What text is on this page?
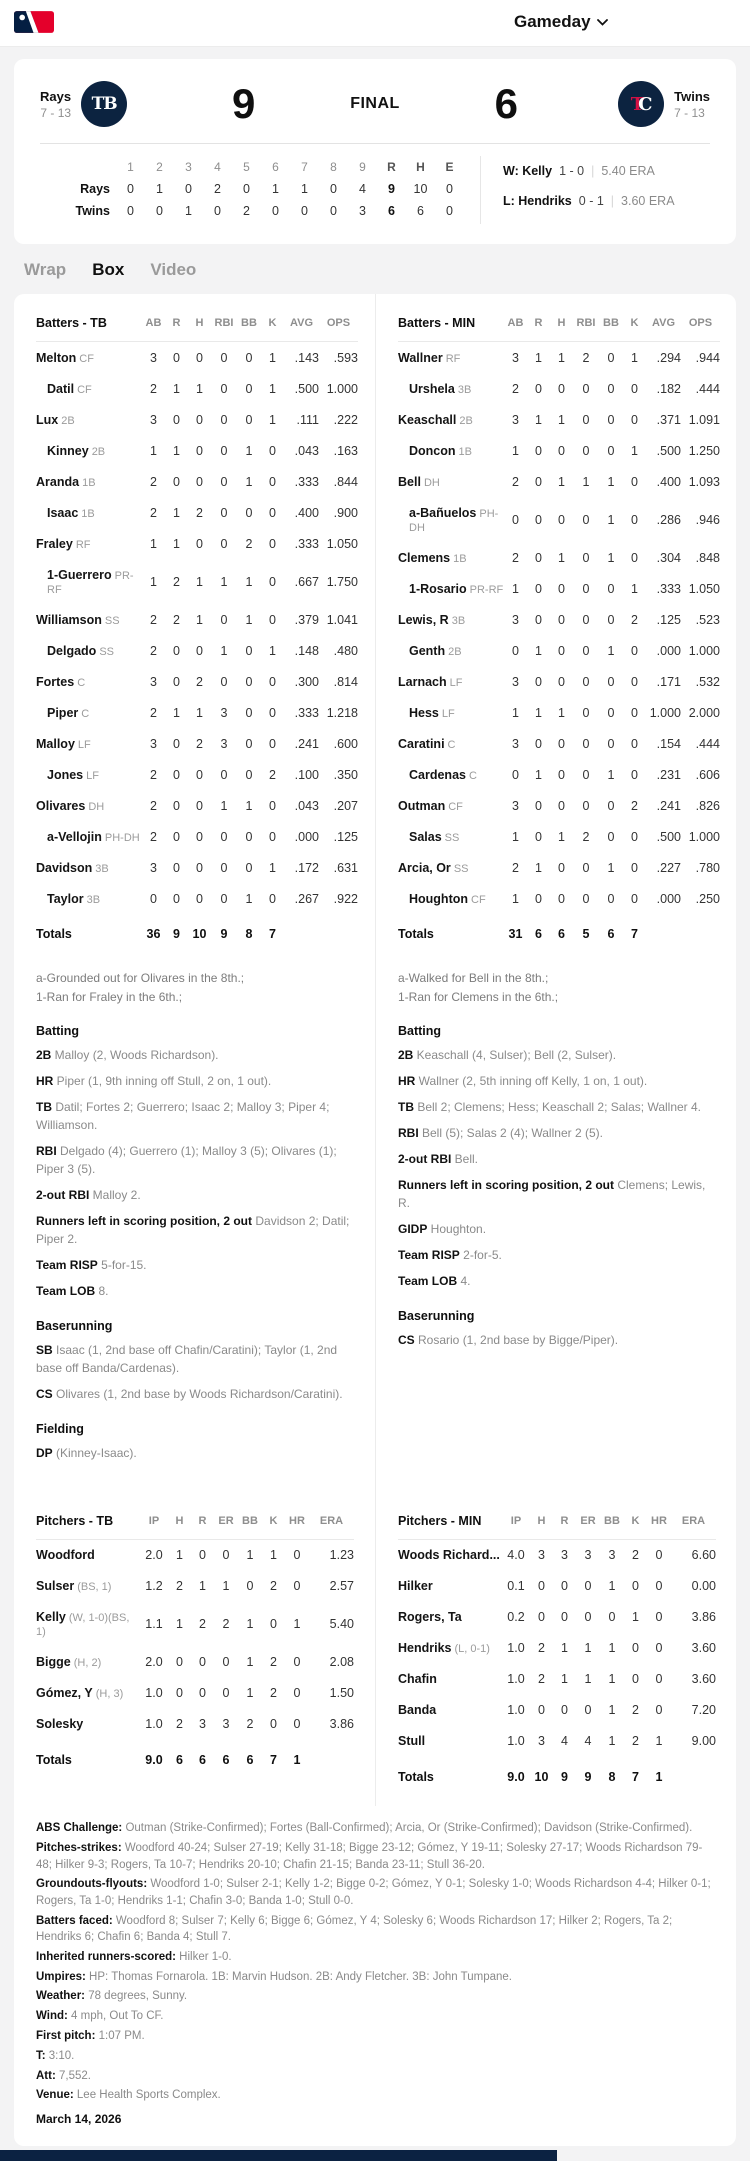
Gameday
Rays
7 - 13 TB	9	FINAL 6	Twins
7 - 13
TC
1	2	3	4	5	6	7	8	9	R	H	E
Rays	0	1	0	2	0	1	1	0	4	9	10	0
Twins	0	0	1	0	2	0	0	0	3	6	6	0
W: Kelly 1 - 0 | 5.40 ERA
L: Hendriks 0 - 1 | 3.60 ERA
Wrap Box Video
Batters - TB	AB	R	H	RBI	BB	K	AVG	OPS
Melton CF	3	0	0	0	0	1	.143	.593
Datil CF	2	1	1	0	0	1	.500	1.000
Lux 2B	3	0	0	0	0	1	.111	.222
Kinney 2B	1	1	0	0	1	0	.043	.163
Aranda 1B	2	0	0	0	1	0	.333	.844
Isaac 1B	2	1	2	0	0	0	.400	.900
Fraley RF	1	1	0	0	2	0	.333	1.050
1-Guerrero PR-RF	1	2	1	1	1	0	.667	1.750
Williamson SS	2	2	1	0	1	0	.379	1.041
Delgado SS	2	0	0	1	0	1	.148	.480
Fortes C	3	0	2	0	0	0	.300	.814
Piper C	2	1	1	3	0	0	.333	1.218
Malloy LF	3	0	2	3	0	0	.241	.600
Jones LF	2	0	0	0	0	2	.100	.350
Olivares DH	2	0	0	1	1	0	.043	.207
a-Vellojin PH-DH	2	0	0	0	0	0	.000	.125
Davidson 3B	3	0	0	0	0	1	.172	.631
Taylor 3B	0	0	0	0	1	0	.267	.922
Totals	36	9	10	9	8	7		

a-Grounded out for Olivares in the 8th.;

1-Ran for Fraley in the 6th.;

Batting

2B Malloy (2, Woods Richardson).

HR Piper (1, 9th inning off Stull, 2 on, 1 out).

TB Datil; Fortes 2; Guerrero; Isaac 2; Malloy 3; Piper 4; Williamson.

RBI Delgado (4); Guerrero (1); Malloy 3 (5); Olivares (1); Piper 3 (5).

2-out RBI Malloy 2.

Runners left in scoring position, 2 out Davidson 2; Datil; Piper 2.

Team RISP 5-for-15.

Team LOB 8.

Baserunning

SB Isaac (1, 2nd base off Chafin/Caratini); Taylor (1, 2nd base off Banda/Cardenas).

CS Olivares (1, 2nd base by Woods Richardson/Caratini).

Fielding

DP (Kinney-Isaac).

Batters - MIN	AB	R	H	RBI	BB	K	AVG	OPS
Wallner RF	3	1	1	2	0	1	.294	.944
Urshela 3B	2	0	0	0	0	0	.182	.444
Keaschall 2B	3	1	1	0	0	0	.371	1.091
Doncon 1B	1	0	0	0	0	1	.500	1.250
Bell DH	2	0	1	1	1	0	.400	1.093
a-Bañuelos PH-DH	0	0	0	0	1	0	.286	.946
Clemens 1B	2	0	1	0	1	0	.304	.848
1-Rosario PR-RF	1	0	0	0	0	1	.333	1.050
Lewis, R 3B	3	0	0	0	0	2	.125	.523
Genth 2B	0	1	0	0	1	0	.000	1.000
Larnach LF	3	0	0	0	0	0	.171	.532
Hess LF	1	1	1	0	0	0	1.000	2.000
Caratini C	3	0	0	0	0	0	.154	.444
Cardenas C	0	1	0	0	1	0	.231	.606
Outman CF	3	0	0	0	0	2	.241	.826
Salas SS	1	0	1	2	0	0	.500	1.000
Arcia, Or SS	2	1	0	0	1	0	.227	.780
Houghton CF	1	0	0	0	0	0	.000	.250
Totals	31	6	6	5	6	7		

a-Walked for Bell in the 8th.;

1-Ran for Clemens in the 6th.;

Batting

2B Keaschall (4, Sulser); Bell (2, Sulser).

HR Wallner (2, 5th inning off Kelly, 1 on, 1 out).

TB Bell 2; Clemens; Hess; Keaschall 2; Salas; Wallner 4.

RBI Bell (5); Salas 2 (4); Wallner 2 (5).

2-out RBI Bell.

Runners left in scoring position, 2 out Clemens; Lewis, R.

GIDP Houghton.

Team RISP 2-for-5.

Team LOB 4.

Baserunning

CS Rosario (1, 2nd base by Bigge/Piper).

Pitchers - TB	IP	H	R	ER	BB	K	HR	ERA
Woodford	2.0	1	0	0	1	1	0	1.23
Sulser (BS, 1)	1.2	2	1	1	0	2	0	2.57
Kelly (W, 1-0)(BS, 1)	1.1	1	2	2	1	0	1	5.40
Bigge (H, 2)	2.0	0	0	0	1	2	0	2.08
Gómez, Y (H, 3)	1.0	0	0	0	1	2	0	1.50
Solesky	1.0	2	3	3	2	0	0	3.86
Totals	9.0	6	6	6	6	7	1	
Pitchers - MIN	IP	H	R	ER	BB	K	HR	ERA
Woods Richard...	4.0	3	3	3	3	2	0	6.60
Hilker	0.1	0	0	0	1	0	0	0.00
Rogers, Ta	0.2	0	0	0	0	1	0	3.86
Hendriks (L, 0-1)	1.0	2	1	1	1	0	0	3.60
Chafin	1.0	2	1	1	1	0	0	3.60
Banda	1.0	0	0	0	1	2	0	7.20
Stull	1.0	3	4	4	1	2	1	9.00
Totals	9.0	10	9	9	8	7	1	

ABS Challenge: Outman (Strike-Confirmed); Fortes (Ball-Confirmed); Arcia, Or (Strike-Confirmed); Davidson (Strike-Confirmed).

Pitches-strikes: Woodford 40-24; Sulser 27-19; Kelly 31-18; Bigge 23-12; Gómez, Y 19-11; Solesky 27-17; Woods Richardson 79-48; Hilker 9-3; Rogers, Ta 10-7; Hendriks 20-10; Chafin 21-15; Banda 23-11; Stull 36-20.

Groundouts-flyouts: Woodford 1-0; Sulser 2-1; Kelly 1-2; Bigge 0-2; Gómez, Y 0-1; Solesky 1-0; Woods Richardson 4-4; Hilker 0-1; Rogers, Ta 1-0; Hendriks 1-1; Chafin 3-0; Banda 1-0; Stull 0-0.

Batters faced: Woodford 8; Sulser 7; Kelly 6; Bigge 6; Gómez, Y 4; Solesky 6; Woods Richardson 17; Hilker 2; Rogers, Ta 2; Hendriks 6; Chafin 6; Banda 4; Stull 7.

Inherited runners-scored: Hilker 1-0.

Umpires: HP: Thomas Fornarola. 1B: Marvin Hudson. 2B: Andy Fletcher. 3B: John Tumpane.

Weather: 78 degrees, Sunny.

Wind: 4 mph, Out To CF.

First pitch: 1:07 PM.

T: 3:10.

Att: 7,552.

Venue: Lee Health Sports Complex.

March 14, 2026
